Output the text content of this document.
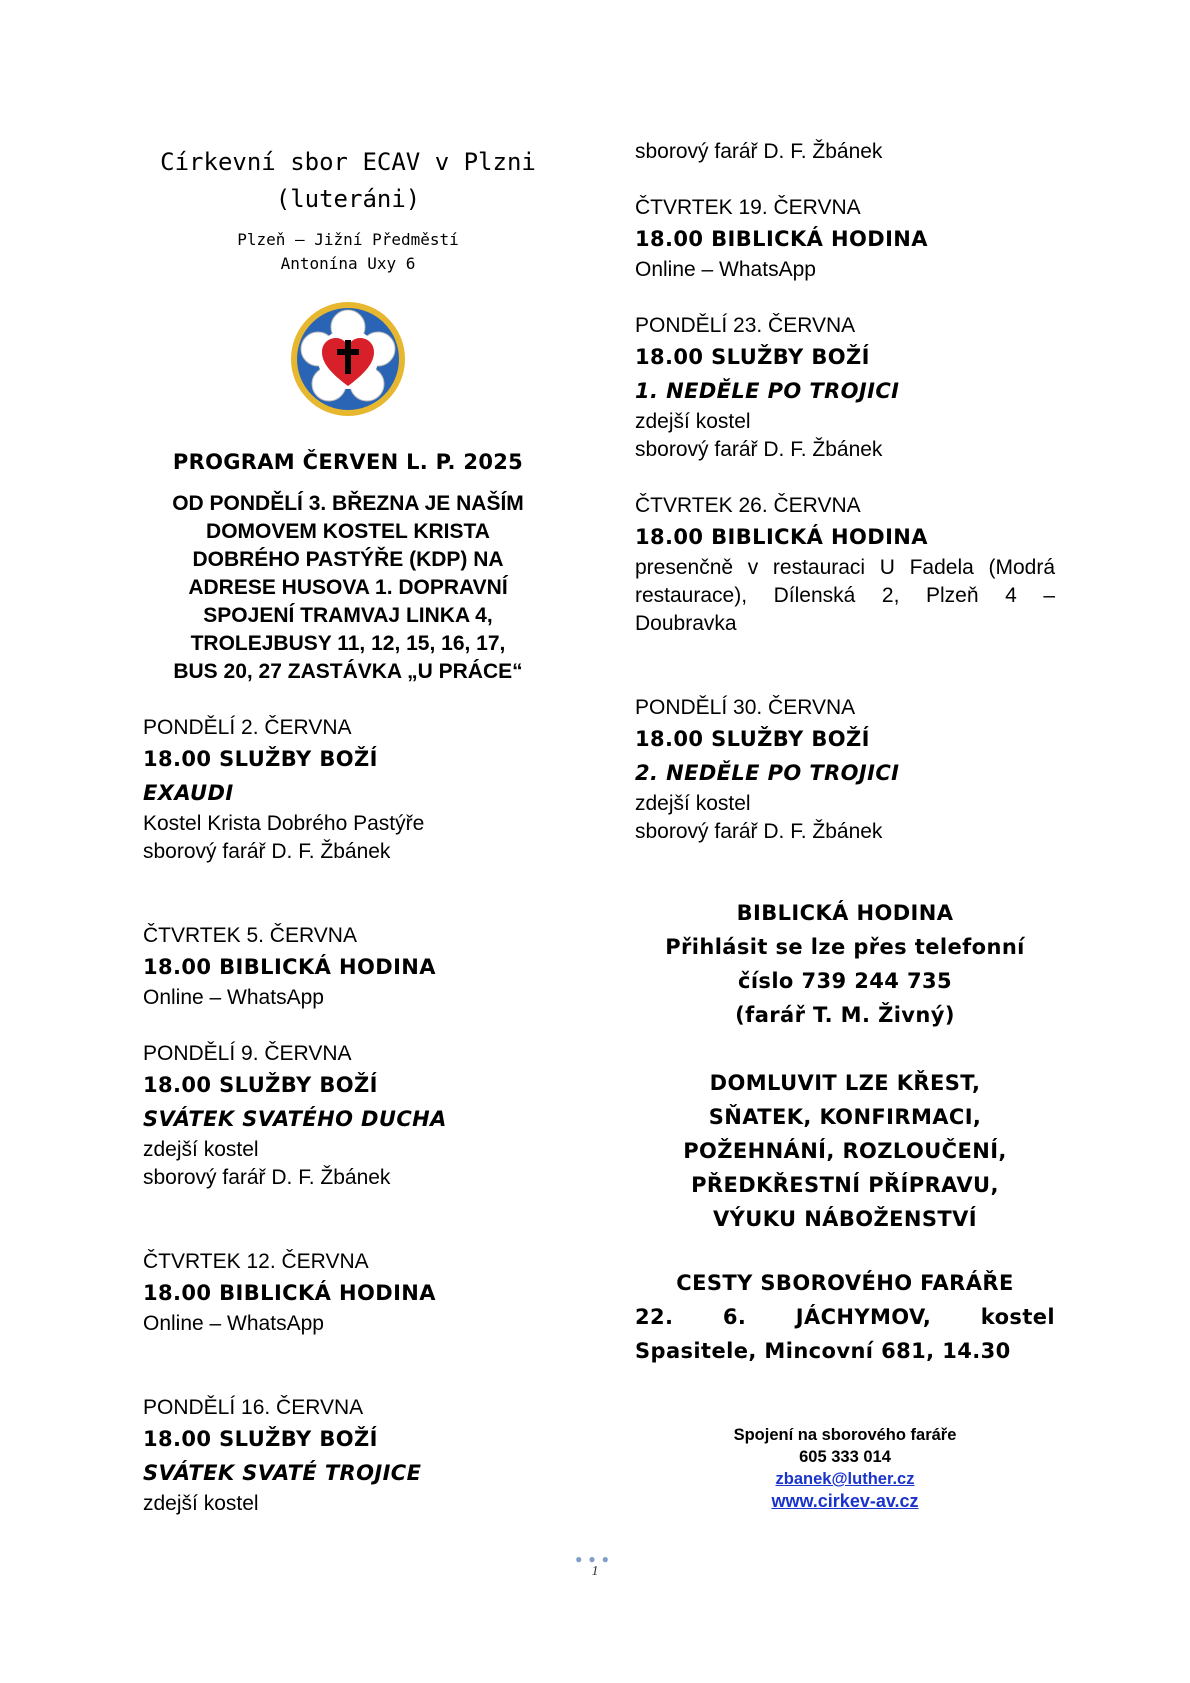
Církevní sbor ECAV v Plzni
(luteráni)
Plzeň – Jižní Předměstí
Antonína Uxy 6
PROGRAM ČERVEN L. P. 2025
OD PONDĚLÍ 3. BŘEZNA JE NAŠÍM
DOMOVEM KOSTEL KRISTA
DOBRÉHO PASTÝŘE (KDP) NA
ADRESE HUSOVA 1. DOPRAVNÍ
SPOJENÍ TRAMVAJ LINKA 4,
TROLEJBUSY 11, 12, 15, 16, 17,
BUS 20, 27 ZASTÁVKA „U PRÁCE“
PONDĚLÍ 2. ČERVNA
18.00 SLUŽBY BOŽÍ
EXAUDI
Kostel Krista Dobrého Pastýře
sborový farář D. F. Žbánek
ČTVRTEK 5. ČERVNA
18.00 BIBLICKÁ HODINA
Online – WhatsApp
PONDĚLÍ 9. ČERVNA
18.00 SLUŽBY BOŽÍ
SVÁTEK SVATÉHO DUCHA
zdejší kostel
sborový farář D. F. Žbánek
ČTVRTEK 12. ČERVNA
18.00 BIBLICKÁ HODINA
Online – WhatsApp
PONDĚLÍ 16. ČERVNA
18.00 SLUŽBY BOŽÍ
SVÁTEK SVATÉ TROJICE
zdejší kostel
sborový farář D. F. Žbánek
ČTVRTEK 19. ČERVNA
18.00 BIBLICKÁ HODINA
Online – WhatsApp
PONDĚLÍ 23. ČERVNA
18.00 SLUŽBY BOŽÍ
1. NEDĚLE PO TROJICI
zdejší kostel
sborový farář D. F. Žbánek
ČTVRTEK 26. ČERVNA
18.00 BIBLICKÁ HODINA
presenčně v restauraci U Fadela (Modrá restaurace), Dílenská 2, Plzeň 4 – Doubravka
PONDĚLÍ 30. ČERVNA
18.00 SLUŽBY BOŽÍ
2. NEDĚLE PO TROJICI
zdejší kostel
sborový farář D. F. Žbánek
BIBLICKÁ HODINA
Přihlásit se lze přes telefonní
číslo 739 244 735
(farář T. M. Živný)
DOMLUVIT LZE KŘEST,
SŇATEK, KONFIRMACI,
POŽEHNÁNÍ, ROZLOUČENÍ,
PŘEDKŘESTNÍ PŘÍPRAVU,
VÝUKU NÁBOŽENSTVÍ
CESTY SBOROVÉHO FARÁŘE
22. 6. JÁCHYMOV, kostel
Spasitele, Mincovní 681, 14.30
Spojení na sborového faráře
605 333 014
zbanek@luther.cz
www.cirkev-av.cz
●●●
1
